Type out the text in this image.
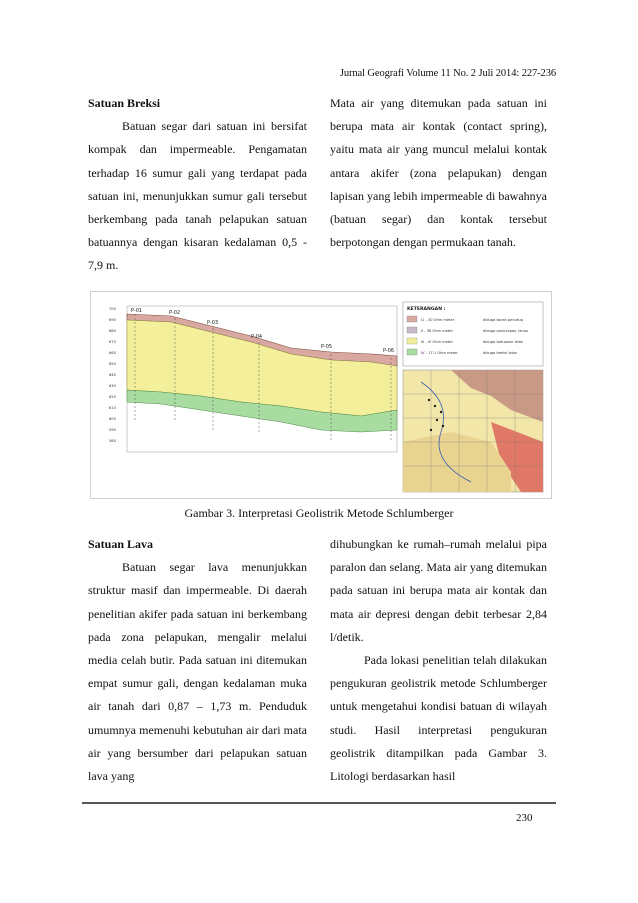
Jurnal Geografi Volume 11 No. 2 Juli 2014: 227-236

Satuan Breksi

Batuan segar dari satuan ini bersifat kompak dan impermeable. Pengamatan terhadap 16 sumur gali yang terdapat pada satuan ini, menunjukkan sumur gali tersebut berkembang pada tanah pelapukan satuan batuannya dengan kisaran kedalaman 0,5 - 7,9 m.

Mata air yang ditemukan pada satuan ini berupa mata air kontak (contact spring), yaitu mata air yang muncul melalui kontak antara akifer (zona pelapukan) dengan lapisan yang lebih impermeable di bawahnya (batuan segar) dan kontak tersebut berpotongan dengan permukaan tanah.

P-01	P-02
P-03
P-04
P-05
P-06
700
690
680
670
660
650
640
630
620
610
600
590
580
KETERANGAN :
I1 - 30 Ohm meter	diduga tanah penutup
II - 36 Ohm meter	diduga pasir-lepas, lanau
III - IV Ohm meter	diduga batupasir lelan
IV - 17.1 Ohm meter	diduga breksi lelan
Gambar 3. Interpretasi Geolistrik Metode Schlumberger

Satuan Lava

Batuan segar lava menunjukkan struktur masif dan impermeable. Di daerah penelitian akifer pada satuan ini berkembang pada zona pelapukan, mengalir melalui media celah butir. Pada satuan ini ditemukan empat sumur gali, dengan kedalaman muka air tanah dari 0,87 – 1,73 m. Penduduk umumnya memenuhi kebutuhan air dari mata air yang bersumber dari pelapukan satuan lava yang

dihubungkan ke rumah–rumah melalui pipa paralon dan selang. Mata air yang ditemukan pada satuan ini berupa mata air kontak dan mata air depresi dengan debit terbesar 2,84 l/detik.

Pada lokasi penelitian telah dilakukan pengukuran geolistrik metode Schlumberger untuk mengetahui kondisi batuan di wilayah studi. Hasil interpretasi pengukuran geolistrik ditampilkan pada Gambar 3. Litologi berdasarkan hasil

230
